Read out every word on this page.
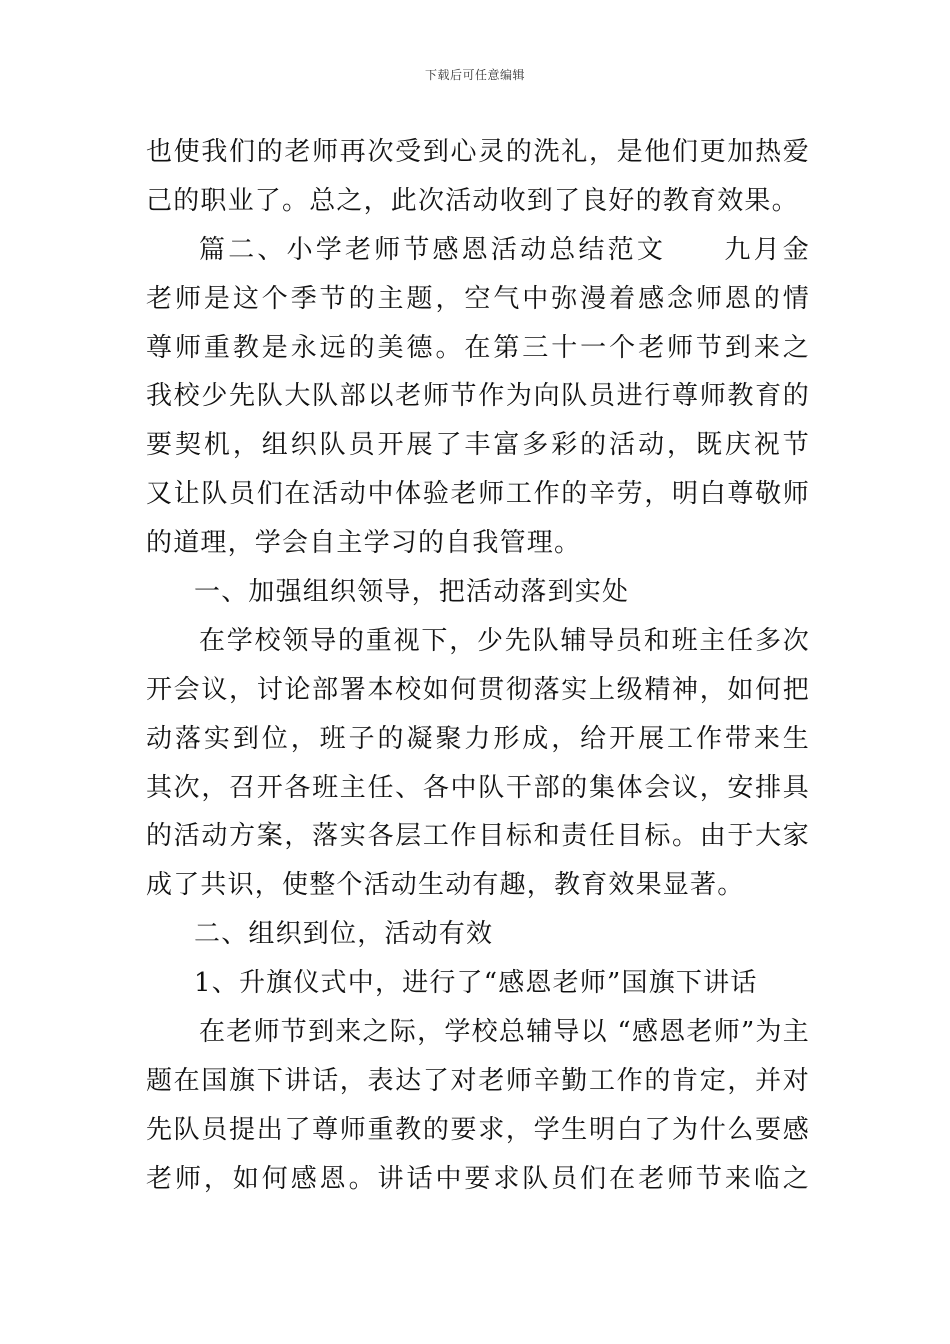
下载后可任意编辑
也使我们的老师再次受到心灵的洗礼，是他们更加热爱
己的职业了。总之，此次活动收到了良好的教育效果。
篇二、小学老师节感恩活动总结范文　　九月金
老师是这个季节的主题，空气中弥漫着感念师恩的情
尊师重教是永远的美德。在第三十一个老师节到来之
我校少先队大队部以老师节作为向队员进行尊师教育的
要契机，组织队员开展了丰富多彩的活动，既庆祝节
又让队员们在活动中体验老师工作的辛劳，明白尊敬师
的道理，学会自主学习的自我管理。
一、加强组织领导，把活动落到实处
在学校领导的重视下，少先队辅导员和班主任多次
开会议，讨论部署本校如何贯彻落实上级精神，如何把
动落实到位，班子的凝聚力形成，给开展工作带来生
其次，召开各班主任、各中队干部的集体会议，安排具
的活动方案，落实各层工作目标和责任目标。由于大家
成了共识，使整个活动生动有趣，教育效果显著。
二、组织到位，活动有效
1、升旗仪式中，进行了“感恩老师”国旗下讲话
在老师节到来之际，学校总辅导以 “感恩老师”为主
题在国旗下讲话，表达了对老师辛勤工作的肯定，并对
先队员提出了尊师重教的要求，学生明白了为什么要感
老师，如何感恩。讲话中要求队员们在老师节来临之
